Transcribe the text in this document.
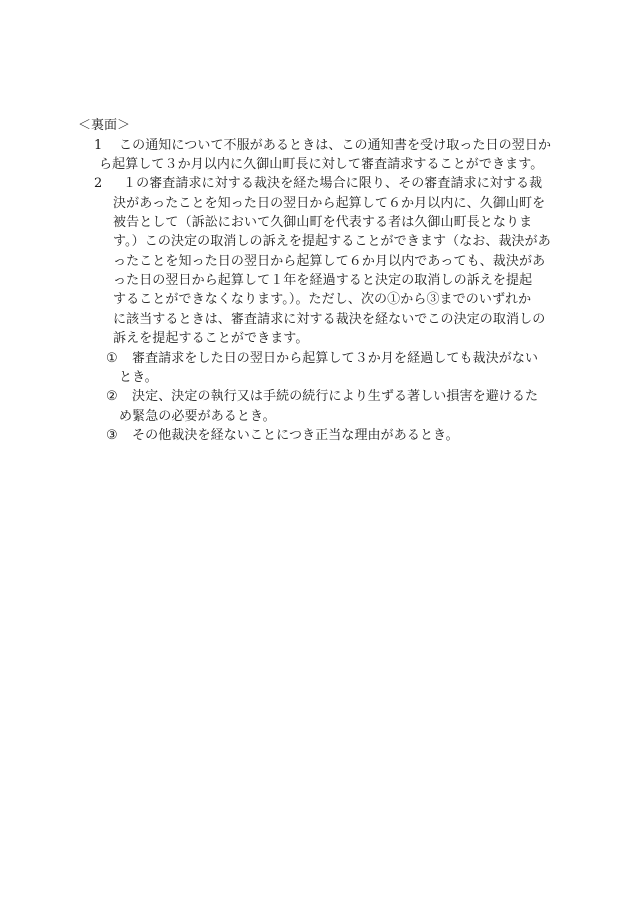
＜裏面＞
1 この通知について不服があるときは、この通知書を受け取った日の翌日か
ら起算して３か月以内に久御山町長に対して審査請求することができます。
2 １の審査請求に対する裁決を経た場合に限り、その審査請求に対する裁
決があったことを知った日の翌日から起算して６か月以内に、久御山町を
被告として（訴訟において久御山町を代表する者は久御山町長となりま
す。）この決定の取消しの訴えを提起することができます（なお、裁決があ
ったことを知った日の翌日から起算して６か月以内であっても、裁決があ
った日の翌日から起算して１年を経過すると決定の取消しの訴えを提起
することができなくなります。）。ただし、次の①から③までのいずれか
に該当するときは、審査請求に対する裁決を経ないでこの決定の取消しの
訴えを提起することができます。
① 審査請求をした日の翌日から起算して３か月を経過しても裁決がない
とき。
② 決定、決定の執行又は手続の続行により生ずる著しい損害を避けるた
め緊急の必要があるとき。
③ その他裁決を経ないことにつき正当な理由があるとき。
